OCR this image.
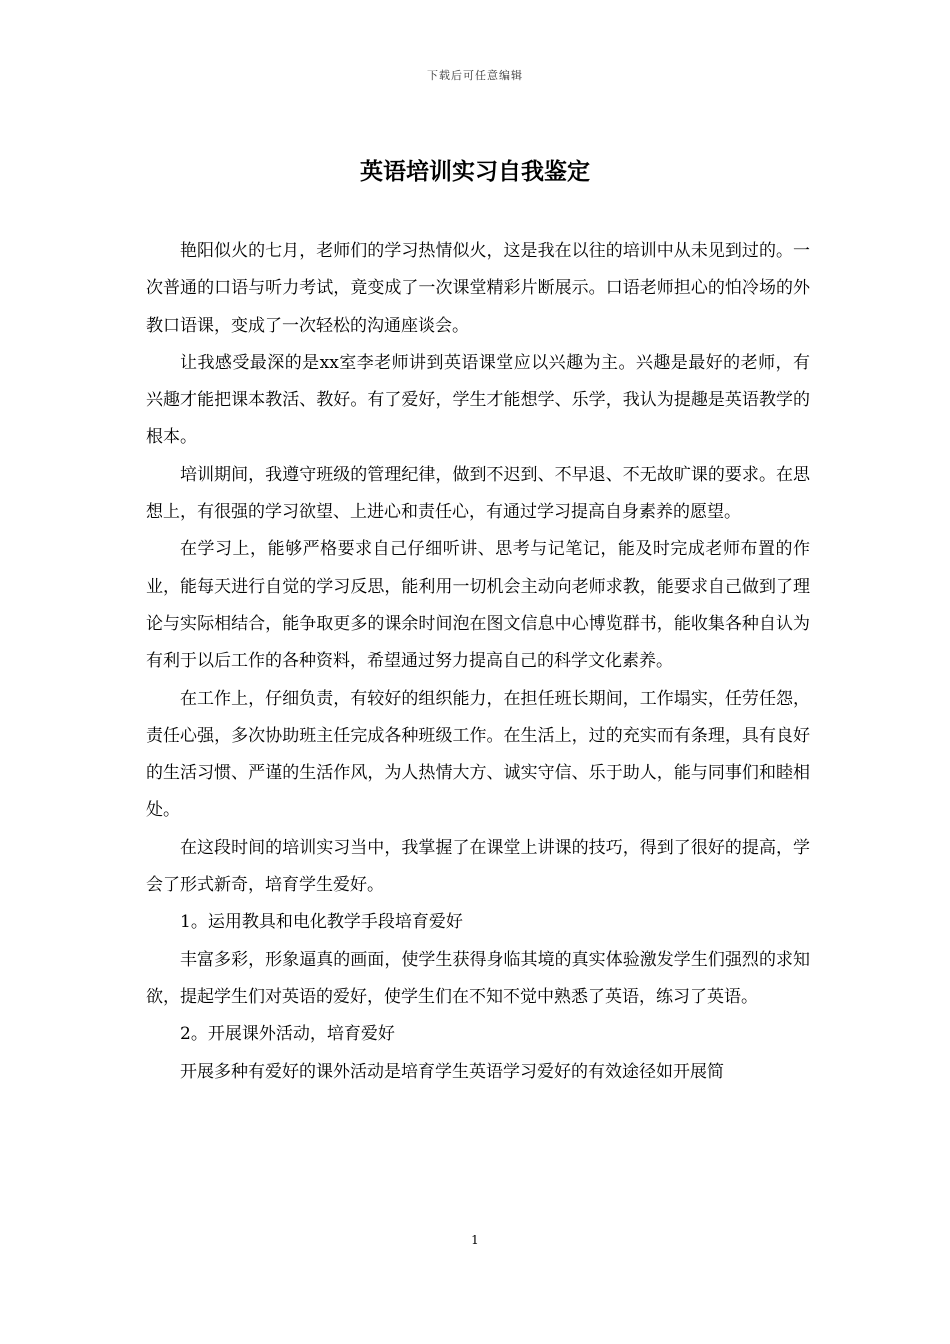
下载后可任意编辑
英语培训实习自我鉴定

艳阳似火的七月，老师们的学习热情似火，这是我在以往的培训中从未见到过的。一次普通的口语与听力考试，竟变成了一次课堂精彩片断展示。口语老师担心的怕冷场的外教口语课，变成了一次轻松的沟通座谈会。

让我感受最深的是xx室李老师讲到英语课堂应以兴趣为主。兴趣是最好的老师，有兴趣才能把课本教活、教好。有了爱好，学生才能想学、乐学，我认为提趣是英语教学的根本。

培训期间，我遵守班级的管理纪律，做到不迟到、不早退、不无故旷课的要求。在思想上，有很强的学习欲望、上进心和责任心，有通过学习提高自身素养的愿望。

在学习上，能够严格要求自己仔细听讲、思考与记笔记，能及时完成老师布置的作业，能每天进行自觉的学习反思，能利用一切机会主动向老师求教，能要求自己做到了理论与实际相结合，能争取更多的课余时间泡在图文信息中心博览群书，能收集各种自认为有利于以后工作的各种资料，希望通过努力提高自己的科学文化素养。

在工作上，仔细负责，有较好的组织能力，在担任班长期间，工作塌实，任劳任怨，责任心强，多次协助班主任完成各种班级工作。在生活上，过的充实而有条理，具有良好的生活习惯、严谨的生活作风，为人热情大方、诚实守信、乐于助人，能与同事们和睦相处。

在这段时间的培训实习当中，我掌握了在课堂上讲课的技巧，得到了很好的提高，学会了形式新奇，培育学生爱好。

1。运用教具和电化教学手段培育爱好

丰富多彩，形象逼真的画面，使学生获得身临其境的真实体验激发学生们强烈的求知欲，提起学生们对英语的爱好，使学生们在不知不觉中熟悉了英语，练习了英语。

2。开展课外活动，培育爱好

开展多种有爱好的课外活动是培育学生英语学习爱好的有效途径如开展简

1
